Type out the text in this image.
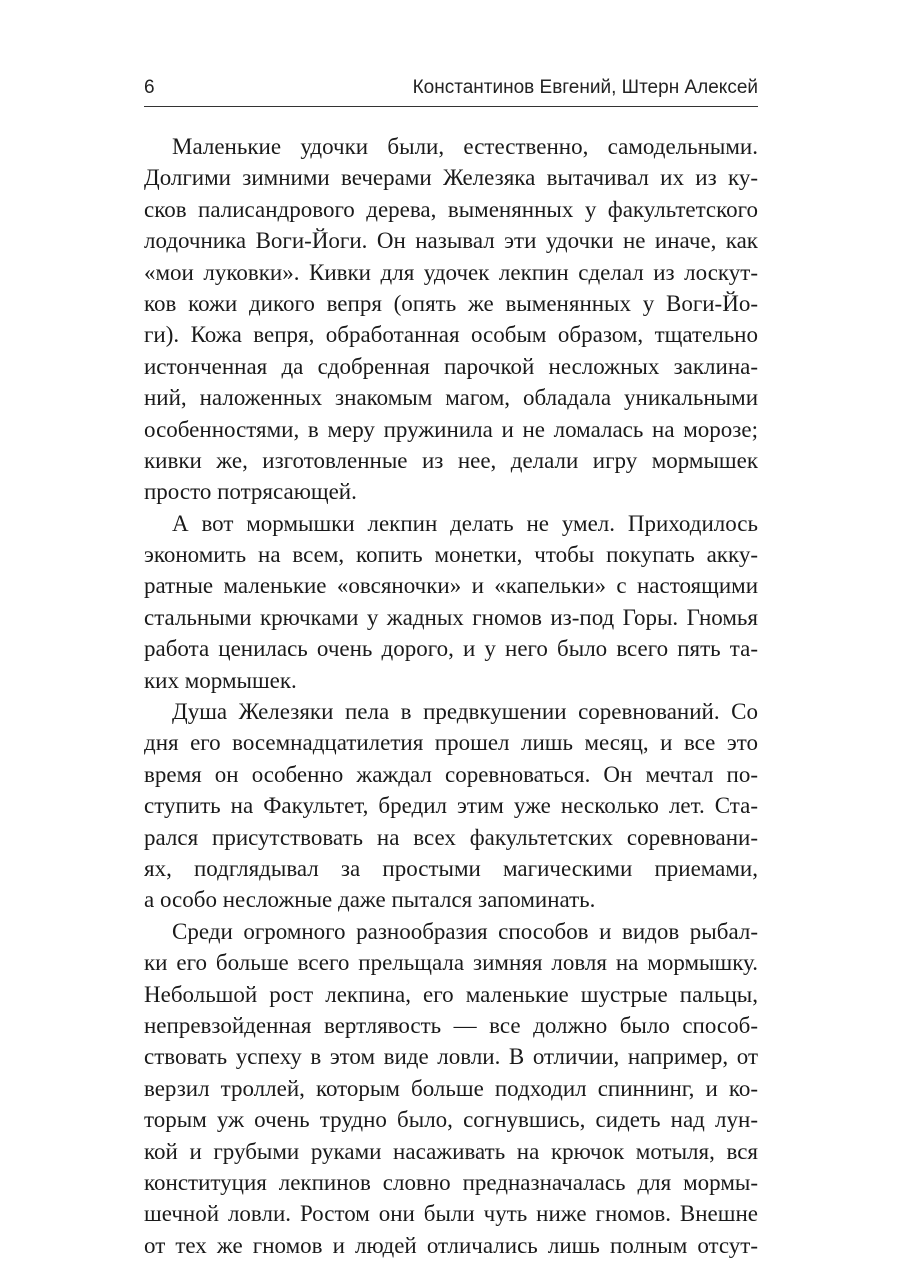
6	Константинов Евгений, Штерн Алексей
Маленькие удочки были, естественно, самодельными.
Долгими зимними вечерами Железяка вытачивал их из ку-
сков палисандрового дерева, выменянных у факультетского
лодочника Воги-Йоги. Он называл эти удочки не иначе, как
«мои луковки». Кивки для удочек лекпин сделал из лоскут-
ков кожи дикого вепря (опять же выменянных у Воги-Йо-
ги). Кожа вепря, обработанная особым образом, тщательно
истонченная да сдобренная парочкой несложных заклина-
ний, наложенных знакомым магом, обладала уникальными
особенностями, в меру пружинила и не ломалась на морозе;
кивки же, изготовленные из нее, делали игру мормышек
просто потрясающей.
А вот мормышки лекпин делать не умел. Приходилось
экономить на всем, копить монетки, чтобы покупать акку-
ратные маленькие «овсяночки» и «капельки» с настоящими
стальными крючками у жадных гномов из-под Горы. Гномья
работа ценилась очень дорого, и у него было всего пять та-
ких мормышек.
Душа Железяки пела в предвкушении соревнований. Со
дня его восемнадцатилетия прошел лишь месяц, и все это
время он особенно жаждал соревноваться. Он мечтал по-
ступить на Факультет, бредил этим уже несколько лет. Ста-
рался присутствовать на всех факультетских соревновани-
ях, подглядывал за простыми магическими приемами,
а особо несложные даже пытался запоминать.
Среди огромного разнообразия способов и видов рыбал-
ки его больше всего прельщала зимняя ловля на мормышку.
Небольшой рост лекпина, его маленькие шустрые пальцы,
непревзойденная вертлявость — все должно было способ-
ствовать успеху в этом виде ловли. В отличии, например, от
верзил троллей, которым больше подходил спиннинг, и ко-
торым уж очень трудно было, согнувшись, сидеть над лун-
кой и грубыми руками насаживать на крючок мотыля, вся
конституция лекпинов словно предназначалась для мормы-
шечной ловли. Ростом они были чуть ниже гномов. Внешне
от тех же гномов и людей отличались лишь полным отсут-
